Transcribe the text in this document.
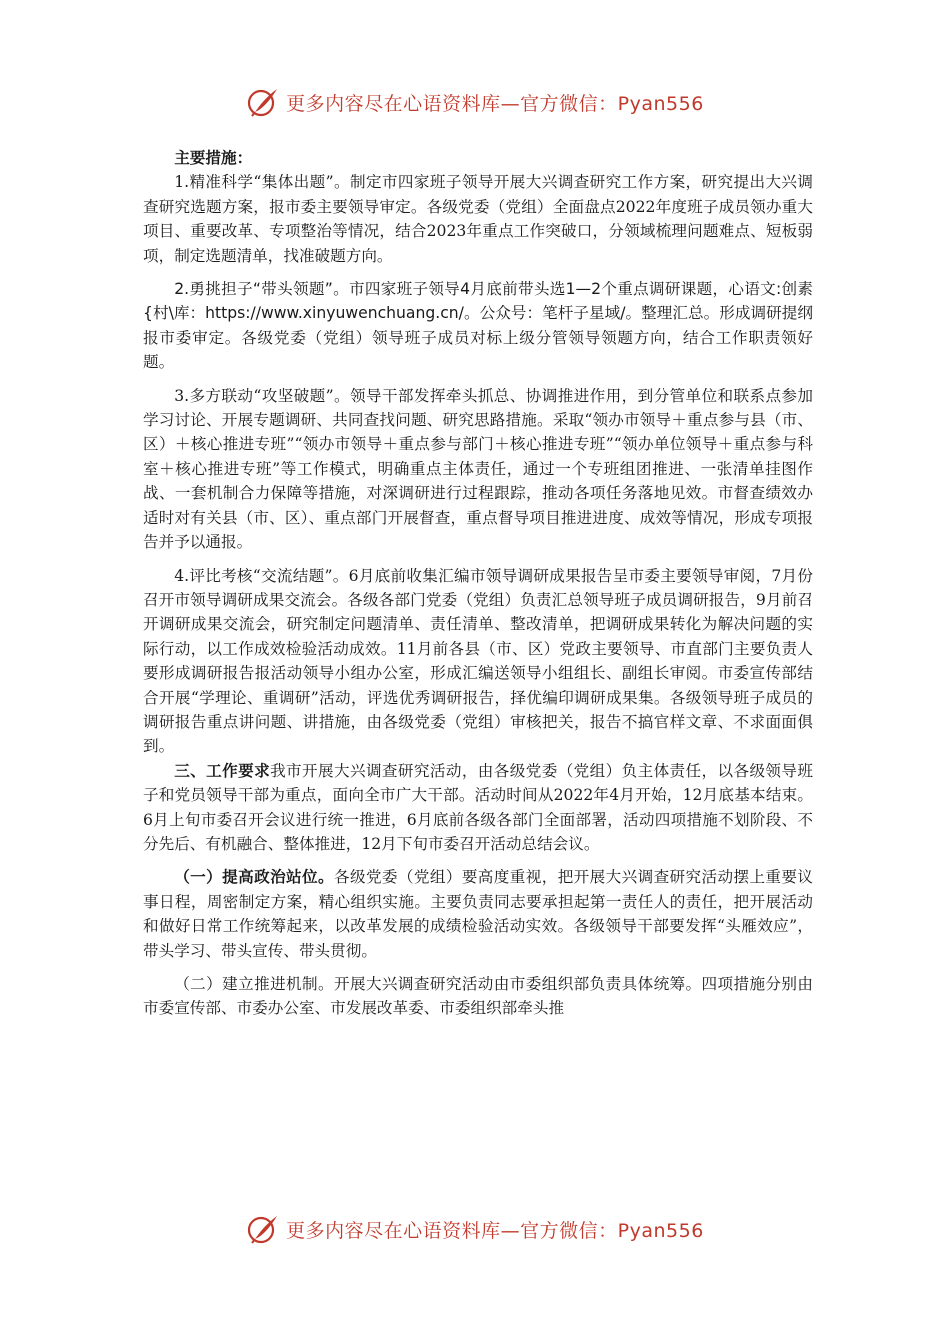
更多内容尽在心语资料库—官方微信：Pyan556

主要措施：

1.精准科学“集体出题”。制定市四家班子领导开展大兴调查研究工作方案，研究提出大兴调查研究选题方案，报市委主要领导审定。各级党委（党组）全面盘点2022年度班子成员领办重大项目、重要改革、专项整治等情况，结合2023年重点工作突破口，分领域梳理问题难点、短板弱项，制定选题清单，找准破题方向。

2.勇挑担子“带头领题”。市四家班子领导4月底前带头选1—2个重点调研课题，心语文:创素{村\库：https://www.xinyuwenchuang.cn/。公众号：笔杆子星域/。整理汇总。形成调研提纲报市委审定。各级党委（党组）领导班子成员对标上级分管领导领题方向，结合工作职责领好题。

3.多方联动“攻坚破题”。领导干部发挥牵头抓总、协调推进作用，到分管单位和联系点参加学习讨论、开展专题调研、共同查找问题、研究思路措施。采取“领办市领导＋重点参与县（市、区）＋核心推进专班”“领办市领导＋重点参与部门＋核心推进专班”“领办单位领导＋重点参与科室＋核心推进专班”等工作模式，明确重点主体责任，通过一个专班组团推进、一张清单挂图作战、一套机制合力保障等措施，对深调研进行过程跟踪，推动各项任务落地见效。市督查绩效办适时对有关县（市、区）、重点部门开展督查，重点督导项目推进进度、成效等情况，形成专项报告并予以通报。

4.评比考核“交流结题”。6月底前收集汇编市领导调研成果报告呈市委主要领导审阅，7月份召开市领导调研成果交流会。各级各部门党委（党组）负责汇总领导班子成员调研报告，9月前召开调研成果交流会，研究制定问题清单、责任清单、整改清单，把调研成果转化为解决问题的实际行动，以工作成效检验活动成效。11月前各县（市、区）党政主要领导、市直部门主要负责人要形成调研报告报活动领导小组办公室，形成汇编送领导小组组长、副组长审阅。市委宣传部结合开展“学理论、重调研”活动，评选优秀调研报告，择优编印调研成果集。各级领导班子成员的调研报告重点讲问题、讲措施，由各级党委（党组）审核把关，报告不搞官样文章、不求面面俱到。

三、工作要求我市开展大兴调查研究活动，由各级党委（党组）负主体责任，以各级领导班子和党员领导干部为重点，面向全市广大干部。活动时间从2022年4月开始，12月底基本结束。6月上旬市委召开会议进行统一推进，6月底前各级各部门全面部署，活动四项措施不划阶段、不分先后、有机融合、整体推进，12月下旬市委召开活动总结会议。

（一）提高政治站位。各级党委（党组）要高度重视，把开展大兴调查研究活动摆上重要议事日程，周密制定方案，精心组织实施。主要负责同志要承担起第一责任人的责任，把开展活动和做好日常工作统筹起来，以改革发展的成绩检验活动实效。各级领导干部要发挥“头雁效应”，带头学习、带头宣传、带头贯彻。

（二）建立推进机制。开展大兴调查研究活动由市委组织部负责具体统筹。四项措施分别由市委宣传部、市委办公室、市发展改革委、市委组织部牵头推

更多内容尽在心语资料库—官方微信：Pyan556
